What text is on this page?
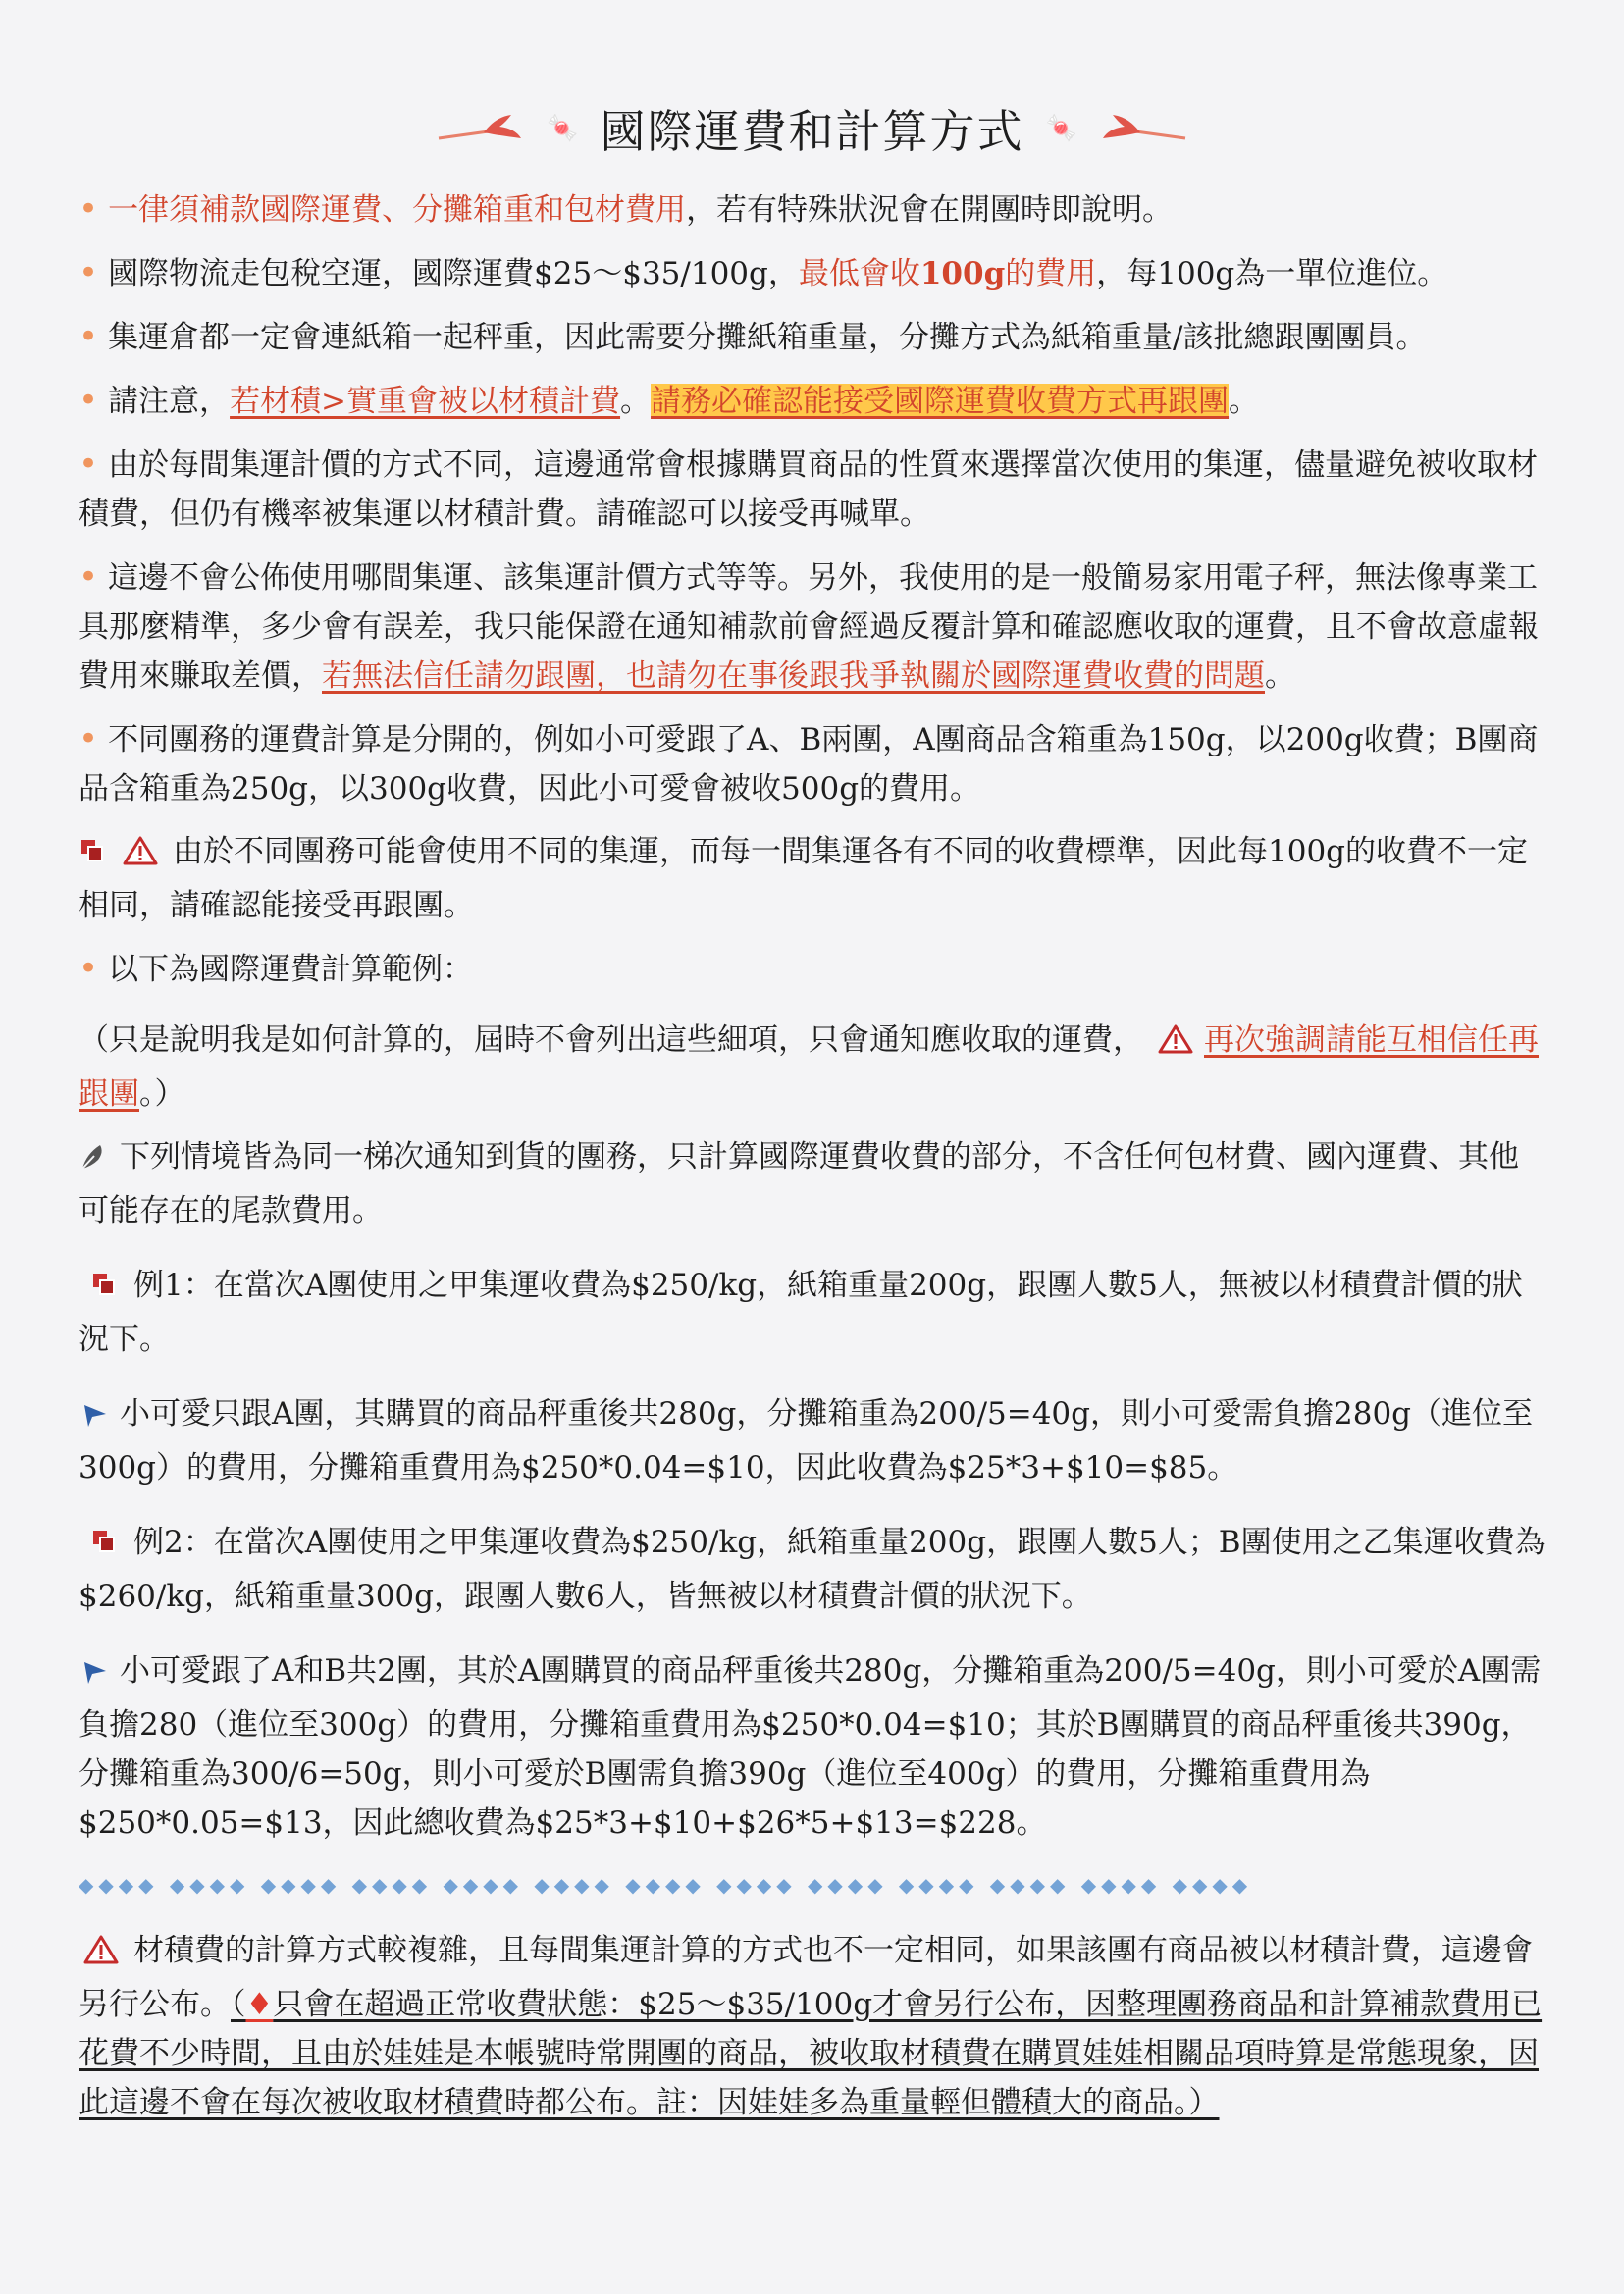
🍬 國際運費和計算方式 🍬

• 一律須補款國際運費、分攤箱重和包材費用，若有特殊狀況會在開團時即說明。

• 國際物流走包稅空運，國際運費$25～$35/100g，最低會收100g的費用，每100g為一單位進位。

• 集運倉都一定會連紙箱一起秤重，因此需要分攤紙箱重量，分攤方式為紙箱重量/該批總跟團團員。

• 請注意，若材積>實重會被以材積計費。請務必確認能接受國際運費收費方式再跟團。

• 由於每間集運計價的方式不同，這邊通常會根據購買商品的性質來選擇當次使用的集運，儘量避免被收取材積費，但仍有機率被集運以材積計費。請確認可以接受再喊單。

• 這邊不會公佈使用哪間集運、該集運計價方式等等。另外，我使用的是一般簡易家用電子秤，無法像專業工具那麼精準，多少會有誤差，我只能保證在通知補款前會經過反覆計算和確認應收取的運費，且不會故意虛報費用來賺取差價，若無法信任請勿跟團，也請勿在事後跟我爭執關於國際運費收費的問題。

• 不同團務的運費計算是分開的，例如小可愛跟了A、B兩團，A團商品含箱重為150g，以200g收費；B團商品含箱重為250g，以300g收費，因此小可愛會被收500g的費用。

由於不同團務可能會使用不同的集運，而每一間集運各有不同的收費標準，因此每100g的收費不一定相同，請確認能接受再跟團。

• 以下為國際運費計算範例：

（只是說明我是如何計算的，屆時不會列出這些細項，只會通知應收取的運費， 再次強調請能互相信任再跟團。）

下列情境皆為同一梯次通知到貨的團務，只計算國際運費收費的部分，不含任何包材費、國內運費、其他可能存在的尾款費用。

例1：在當次A團使用之甲集運收費為$250/kg，紙箱重量200g，跟團人數5人，無被以材積費計價的狀況下。

小可愛只跟A團，其購買的商品秤重後共280g，分攤箱重為200/5=40g，則小可愛需負擔280g（進位至300g）的費用，分攤箱重費用為$250*0.04=$10，因此收費為$25*3+$10=$85。

例2：在當次A團使用之甲集運收費為$250/kg，紙箱重量200g，跟團人數5人；B團使用之乙集運收費為$260/kg，紙箱重量300g，跟團人數6人，皆無被以材積費計價的狀況下。

小可愛跟了A和B共2團，其於A團購買的商品秤重後共280g，分攤箱重為200/5=40g，則小可愛於A團需負擔280（進位至300g）的費用，分攤箱重費用為$250*0.04=$10；其於B團購買的商品秤重後共390g，分攤箱重為300/6=50g，則小可愛於B團需負擔390g（進位至400g）的費用，分攤箱重費用為$250*0.05=$13，因此總收費為$25*3+$10+$26*5+$13=$228。

◆◆◆◆ ◆◆◆◆ ◆◆◆◆ ◆◆◆◆ ◆◆◆◆ ◆◆◆◆ ◆◆◆◆ ◆◆◆◆ ◆◆◆◆ ◆◆◆◆ ◆◆◆◆ ◆◆◆◆ ◆◆◆◆

材積費的計算方式較複雜，且每間集運計算的方式也不一定相同，如果該團有商品被以材積計費，這邊會另行公布。（♦只會在超過正常收費狀態：$25～$35/100g才會另行公布，因整理團務商品和計算補款費用已花費不少時間，且由於娃娃是本帳號時常開團的商品，被收取材積費在購買娃娃相關品項時算是常態現象，因此這邊不會在每次被收取材積費時都公布。註：因娃娃多為重量輕但體積大的商品。）
